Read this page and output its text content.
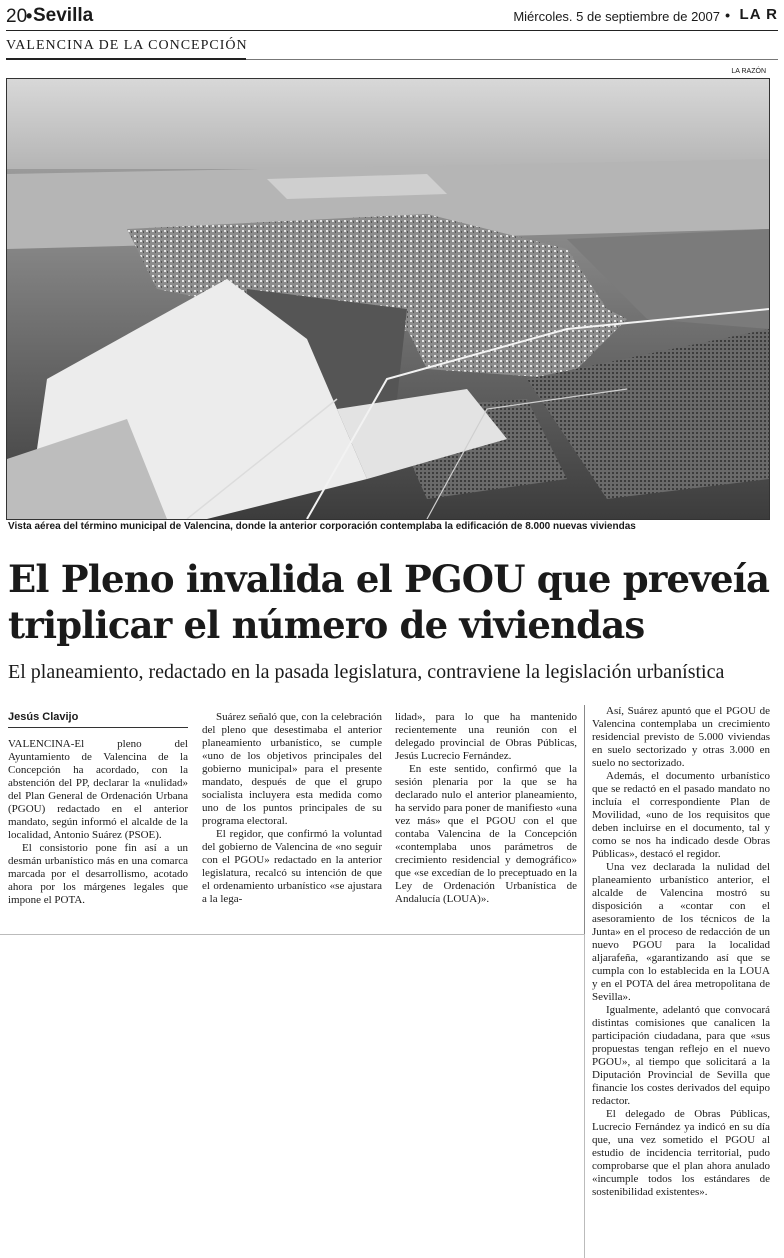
20
• Sevilla	Miércoles. 5 de septiembre de 2007 • LA R
VALENCINA DE LA CONCEPCIÓN
LA RAZÓN
Vista aérea del término municipal de Valencina, donde la anterior corporación contemplaba la edificación de 8.000 nuevas viviendas
El Pleno invalida el PGOU que preveía
triplicar el número de viviendas
El planeamiento, redactado en la pasada legislatura, contraviene la legislación urbanística
Jesús Clavijo

VALENCINA-El pleno del Ayuntamiento de Valencina de la Concepción ha acordado, con la abstención del PP, declarar la «nulidad» del Plan General de Ordenación Urbana (PGOU) redactado en el anterior mandato, según informó el alcalde de la localidad, Antonio Suárez (PSOE).

El consistorio pone fin así a un desmán urbanístico más en una comarca marcada por el desarrollismo, acotado ahora por los márgenes legales que impone el POTA.

Suárez señaló que, con la celebración del pleno que desestimaba el anterior planeamiento urbanístico, se cumple «uno de los objetivos principales del gobierno municipal» para el presente mandato, después de que el grupo socialista incluyera esta medida como uno de los puntos principales de su programa electoral.

El regidor, que confirmó la voluntad del gobierno de Valencina de «no seguir con el PGOU» redactado en la anterior legislatura, recalcó su intención de que el ordenamiento urbanístico «se ajustara a la lega-

lidad», para lo que ha mantenido recientemente una reunión con el delegado provincial de Obras Públicas, Jesús Lucrecio Fernández.

En este sentido, confirmó que la sesión plenaria por la que se ha declarado nulo el anterior planeamiento, ha servido para poner de manifiesto «una vez más» que el PGOU con el que contaba Valencina de la Concepción «contemplaba unos parámetros de crecimiento residencial y demográfico» que «se excedían de lo preceptuado en la Ley de Ordenación Urbanística de Andalucía (LOUA)».

Así, Suárez apuntó que el PGOU de Valencina contemplaba un crecimiento residencial previsto de 5.000 viviendas en suelo sectorizado y otras 3.000 en suelo no sectorizado.

Además, el documento urbanístico que se redactó en el pasado mandato no incluía el correspondiente Plan de Movilidad, «uno de los requisitos que deben incluirse en el documento, tal y como se nos ha indicado desde Obras Públicas», destacó el regidor.

Una vez declarada la nulidad del planeamiento urbanístico anterior, el alcalde de Valencina mostró su disposición a «contar con el asesoramiento de los técnicos de la Junta» en el proceso de redacción de un nuevo PGOU para la localidad aljarafeña, «garantizando así que se cumpla con lo establecida en la LOUA y en el POTA del área metropolitana de Sevilla».

Igualmente, adelantó que convocará distintas comisiones que canalicen la participación ciudadana, para que «sus propuestas tengan reflejo en el nuevo PGOU», al tiempo que solicitará a la Diputación Provincial de Sevilla que financie los costes derivados del equipo redactor.

El delegado de Obras Públicas, Lucrecio Fernández ya indicó en su día que, una vez sometido el PGOU al estudio de incidencia territorial, pudo comprobarse que el plan ahora anulado «incumple todos los estándares de sostenibilidad existentes».
